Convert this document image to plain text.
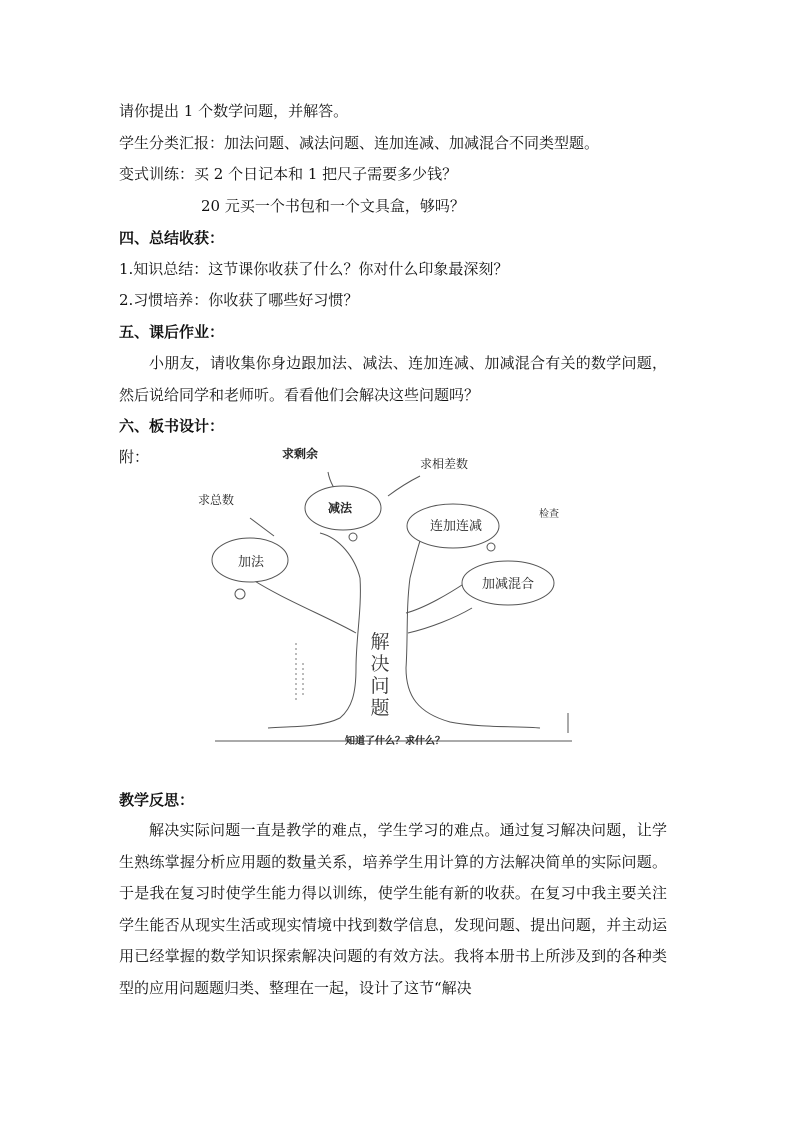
请你提出 1 个数学问题，并解答。
学生分类汇报：加法问题、减法问题、连加连减、加减混合不同类型题。
变式训练：买 2 个日记本和 1 把尺子需要多少钱？
20 元买一个书包和一个文具盒，够吗？
四、总结收获：
1.知识总结：这节课你收获了什么？你对什么印象最深刻？
2.习惯培养：你收获了哪些好习惯？
五、课后作业：

小朋友，请收集你身边跟加法、减法、连加连减、加减混合有关的数学问题，然后说给同学和老师听。看看他们会解决这些问题吗？

六、板书设计：
附：
加法
减法
连加连减
加减混合
求剩余
求相差数
求总数
检查
解
决
问
题
知道了什么？求什么？
教学反思：

解决实际问题一直是教学的难点，学生学习的难点。通过复习解决问题，让学生熟练掌握分析应用题的数量关系，培养学生用计算的方法解决简单的实际问题。于是我在复习时使学生能力得以训练，使学生能有新的收获。在复习中我主要关注学生能否从现实生活或现实情境中找到数学信息，发现问题、提出问题，并主动运用已经掌握的数学知识探索解决问题的有效方法。我将本册书上所涉及到的各种类型的应用问题题归类、整理在一起，设计了这节“解决
